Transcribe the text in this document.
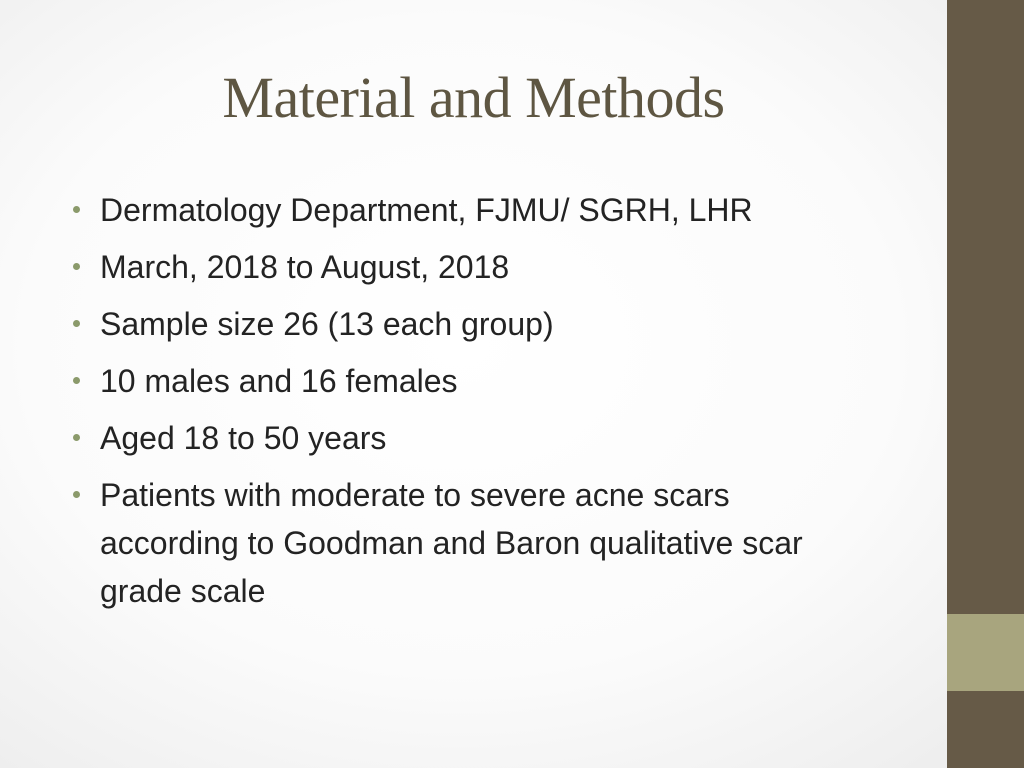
Material and Methods
Dermatology Department, FJMU/ SGRH, LHR
March, 2018 to August, 2018
Sample size 26 (13 each group)
10 males and 16 females
Aged 18 to 50 years
Patients with moderate to severe acne scars according to Goodman and Baron qualitative scar grade scale
